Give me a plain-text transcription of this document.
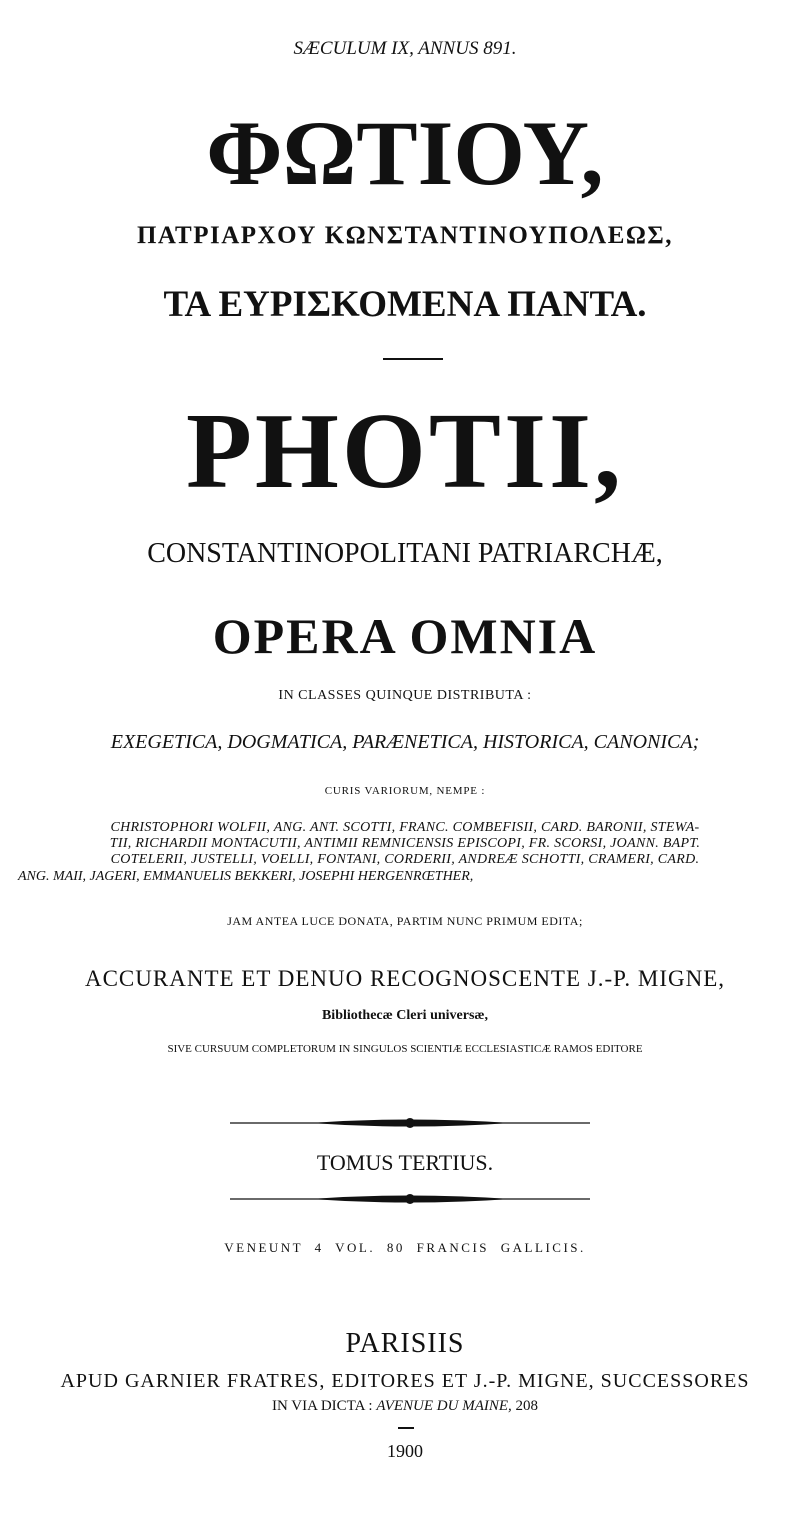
SÆCULUM IX, ANNUS 891.
ΦΩΤΙΟΥ,
ΠΑΤΡΙΑΡΧΟΥ ΚΩΝΣΤΑΝΤΙΝΟΥΠΟΛΕΩΣ,
ΤΑ ΕΥΡΙΣΚΟΜΕΝΑ ΠΑΝΤΑ.
PHOTII,
CONSTANTINOPOLITANI PATRIARCHÆ,
OPERA OMNIA
IN CLASSES QUINQUE DISTRIBUTA :
EXEGETICA, DOGMATICA, PARÆNETICA, HISTORICA, CANONICA;
CURIS VARIORUM, NEMPE :
CHRISTOPHORI WOLFII, ANG. ANT. SCOTTI, FRANC. COMBEFISII, CARD. BARONII, STEWA-
TII, RICHARDII MONTACUTII, ANTIMII REMNICENSIS EPISCOPI, FR. SCORSI, JOANN. BAPT.
COTELERII, JUSTELLI, VOELLI, FONTANI, CORDERII, ANDREÆ SCHOTTI, CRAMERI, CARD.
ANG. MAII, JAGERI, EMMANUELIS BEKKERI, JOSEPHI HERGENRŒTHER,
JAM ANTEA LUCE DONATA, PARTIM NUNC PRIMUM EDITA;
ACCURANTE ET DENUO RECOGNOSCENTE J.-P. MIGNE,
Bibliothecæ Cleri universæ,
SIVE CURSUUM COMPLETORUM IN SINGULOS SCIENTIÆ ECCLESIASTICÆ RAMOS EDITORE
TOMUS TERTIUS.
VENEUNT 4 VOL. 80 FRANCIS GALLICIS.
PARISIIS
APUD GARNIER FRATRES, EDITORES ET J.-P. MIGNE, SUCCESSORES
IN VIA DICTA : AVENUE DU MAINE, 208
1900
